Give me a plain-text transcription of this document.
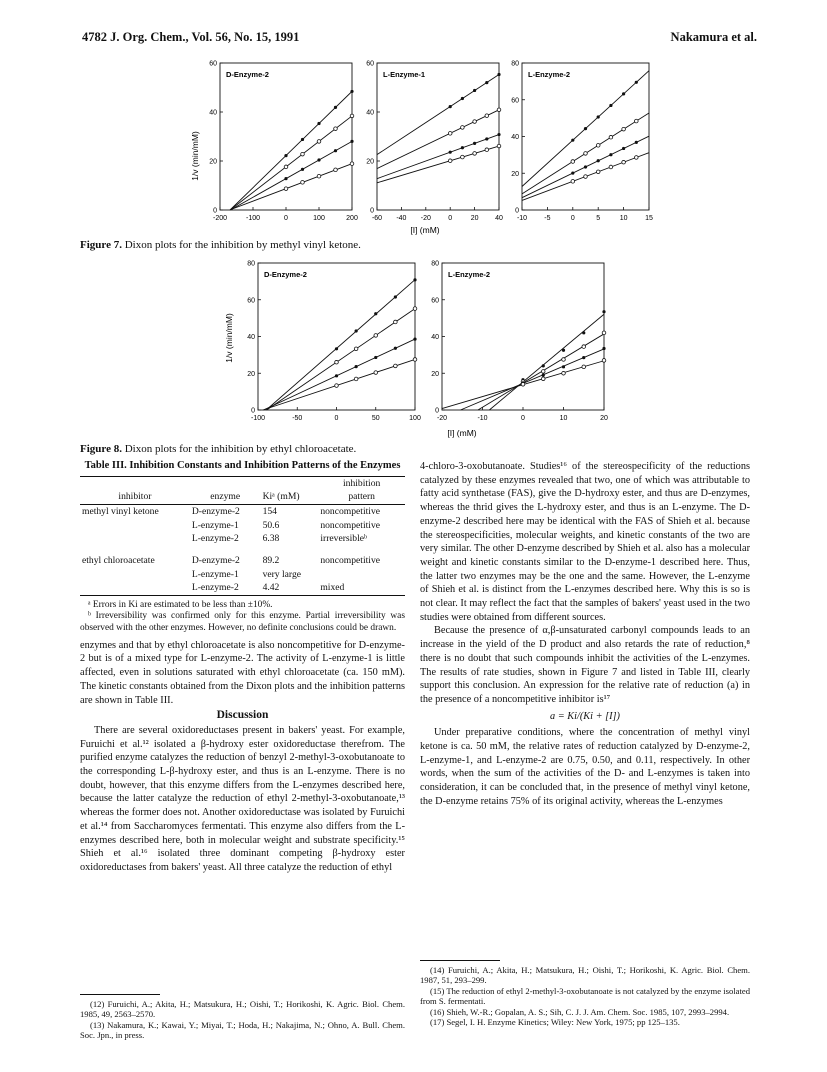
4782 J. Org. Chem., Vol. 56, No. 15, 1991	Nakamura et al.
1/v (min/mM)
D-Enzyme-2
-200	-100	0	100	200
0
20
40
60
L-Enzyme-1
-60 -40 -20 0	20 40
0
20
40
60
L-Enzyme-2
-10 -5	0	5	10	15
0
20
40
60
80
[I] (mM)
Figure 7. Dixon plots for the inhibition by methyl vinyl ketone.
1/v (min/mM)
D-Enzyme-2
-100	-50	0	50	100
0
20
40
60
80
L-Enzyme-2
-20	-10	0	10	20
0
20
40
60
80
[I] (mM)
Figure 8. Dixon plots for the inhibition by ethyl chloroacetate.
Table III. Inhibition Constants and Inhibition Patterns of the Enzymes
			inhibition
inhibitor	enzyme	Kiᵃ (mM)	pattern
methyl vinyl ketone	D-enzyme-2	154	noncompetitive
	L-enzyme-1	50.6	noncompetitive
	L-enzyme-2	6.38	irreversibleᵇ
ethyl chloroacetate	D-enzyme-2	89.2	noncompetitive
	L-enzyme-1	very large	
	L-enzyme-2	4.42	mixed

ᵃ Errors in Ki are estimated to be less than ±10%.

ᵇ Irreversibility was confirmed only for this enzyme. Partial irreversibility was observed with the other enzymes. However, no definite conclusions could be drawn.

enzymes and that by ethyl chloroacetate is also noncompetitive for D-enzyme-2 but is of a mixed type for L-enzyme-2. The activity of L-enzyme-1 is little affected, even in solutions saturated with ethyl chloroacetate (ca. 150 mM). The kinetic constants obtained from the Dixon plots and the inhibition patterns are shown in Table III.

Discussion

There are several oxidoreductases present in bakers' yeast. For example, Furuichi et al.¹² isolated a β-hydroxy ester oxidoreductase therefrom. The purified enzyme catalyzes the reduction of benzyl 2-methyl-3-oxobutanoate to the corresponding L-β-hydroxy ester, and thus is an L-enzyme. There is no doubt, however, that this enzyme differs from the L-enzymes described here, because the latter catalyze the reduction of ethyl 2-methyl-3-oxobutanoate,¹³ whereas the former does not. Another oxidoreductase was isolated by Furuichi et al.¹⁴ from Saccharomyces fermentati. This enzyme also differs from the L-enzymes described here, both in molecular weight and substrate specificity.¹⁵ Shieh et al.¹⁶ isolated three dominant competing β-hydroxy ester oxidoreductases from bakers' yeast. All three catalyze the reduction of ethyl

(12) Furuichi, A.; Akita, H.; Matsukura, H.; Oishi, T.; Horikoshi, K. Agric. Biol. Chem. 1985, 49, 2563–2570.

(13) Nakamura, K.; Kawai, Y.; Miyai, T.; Hoda, H.; Nakajima, N.; Ohno, A. Bull. Chem. Soc. Jpn., in press.

4-chloro-3-oxobutanoate. Studies¹⁶ of the stereospecificity of the reductions catalyzed by these enzymes revealed that two, one of which was attributable to fatty acid synthetase (FAS), give the D-hydroxy ester, and thus are D-enzymes, whereas the thrid gives the L-hydroxy ester, and thus is an L-enzyme. The D-enzyme-2 described here may be identical with the FAS of Shieh et al. because the stereospecificities, molecular weights, and kinetic constants of the two are very similar. The other D-enzyme described by Shieh et al. also has a molecular weight and kinetic constants similar to the D-enzyme-1 described here. Thus, the latter two enzymes may be the one and the same. However, the L-enzyme of Shieh et al. is distinct from the L-enzymes described here. Why this is so is not clear. It may reflect the fact that the samples of bakers' yeast used in the two studies were obtained from different sources.

Because the presence of α,β-unsaturated carbonyl compounds leads to an increase in the yield of the D product and also retards the rate of reduction,⁸ there is no doubt that such compounds inhibit the activities of the L-enzymes. The results of rate studies, shown in Figure 7 and listed in Table III, clearly support this conclusion. An expression for the relative rate of reduction (a) in the presence of a noncompetitive inhibitor is¹⁷

a = Ki/(Ki + [I])

Under preparative conditions, where the concentration of methyl vinyl ketone is ca. 50 mM, the relative rates of reduction catalyzed by D-enzyme-2, L-enzyme-1, and L-enzyme-2 are 0.75, 0.50, and 0.11, respectively. In other words, when the sum of the activities of the D- and L-enzymes is taken into consideration, it can be concluded that, in the presence of methyl vinyl ketone, the D-enzyme retains 75% of its original activity, whereas the L-enzymes

(14) Furuichi, A.; Akita, H.; Matsukura, H.; Oishi, T.; Horikoshi, K. Agric. Biol. Chem. 1987, 51, 293–299.

(15) The reduction of ethyl 2-methyl-3-oxobutanoate is not catalyzed by the enzyme isolated from S. fermentati.

(16) Shieh, W.-R.; Gopalan, A. S.; Sih, C. J. J. Am. Chem. Soc. 1985, 107, 2993–2994.

(17) Segel, I. H. Enzyme Kinetics; Wiley: New York, 1975; pp 125–135.
